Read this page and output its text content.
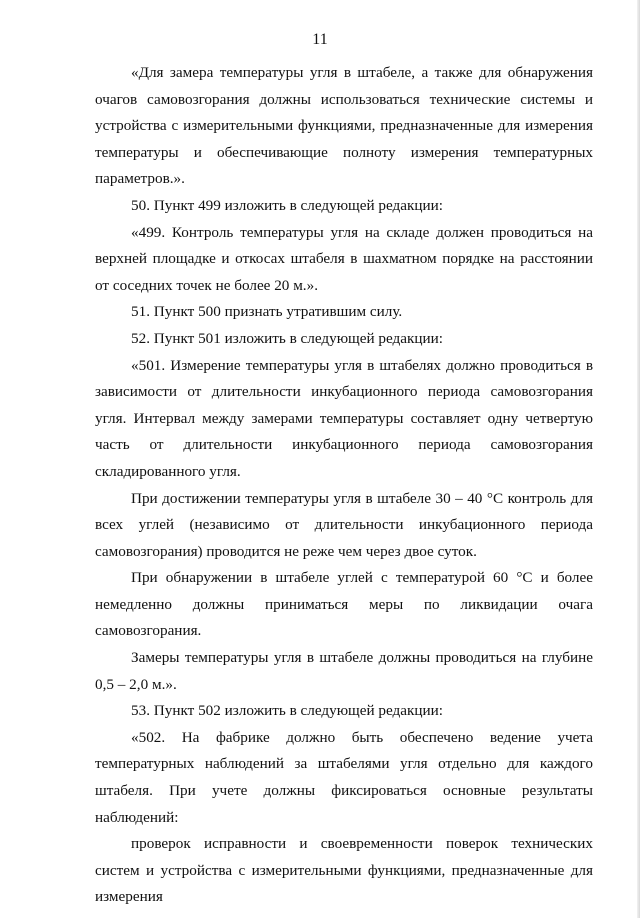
11

«Для замера температуры угля в штабеле, а также для обнаружения очагов самовозгорания должны использоваться технические системы и устройства с измерительными функциями, предназначенные для измерения температуры и обеспечивающие полноту измерения температурных параметров.».

50. Пункт 499 изложить в следующей редакции:

«499. Контроль температуры угля на складе должен проводиться на верхней площадке и откосах штабеля в шахматном порядке на расстоянии от соседних точек не более 20 м.».

51. Пункт 500 признать утратившим силу.

52. Пункт 501 изложить в следующей редакции:

«501. Измерение температуры угля в штабелях должно проводиться в зависимости от длительности инкубационного периода самовозгорания угля. Интервал между замерами температуры составляет одну четвертую часть от длительности инкубационного периода самовозгорания складированного угля.

При достижении температуры угля в штабеле 30 – 40 °С контроль для всех углей (независимо от длительности инкубационного периода самовозгорания) проводится не реже чем через двое суток.

При обнаружении в штабеле углей с температурой 60 °С и более немедленно должны приниматься меры по ликвидации очага самовозгорания.

Замеры температуры угля в штабеле должны проводиться на глубине 0,5 – 2,0 м.».

53. Пункт 502 изложить в следующей редакции:

«502. На фабрике должно быть обеспечено ведение учета температурных наблюдений за штабелями угля отдельно для каждого штабеля. При учете должны фиксироваться основные результаты наблюдений:

проверок исправности и своевременности поверок технических систем и устройства с измерительными функциями, предназначенные для измерения
